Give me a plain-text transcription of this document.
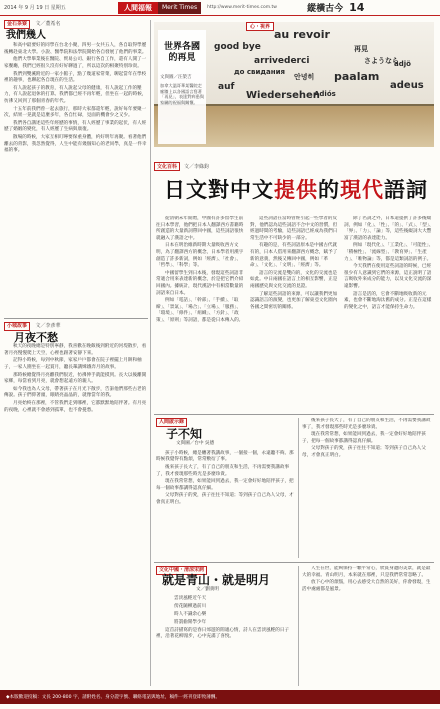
2014 年 9 月 19 日 星期五	人間福報	Merit Times	http://www.merit-times.com.tw	縱橫古今 14
金石茶寮 文／董希名
我們幾人

和高中最要好的同學在台北小聚，四男一女共五人，各自取得學歷後轉赴東北大學。小說、醫學院和法學院開始各自發展了他們的事業。

他們大學畢業後在醫院、貿易公司、銀行各自工作，還有人開了一家餐廳，我們已經很久沒有好好聊過了，所以這次的相聚特別珍貴。

我們到雙溪附近的一家小館子，點了幾道家常菜，聊起當年在學校裡的趣事，也聊起各自現在的生活。

有人說起孩子的教育，有人說起父母的健康，有人說起工作的壓力，有人說起退休的打算。我們都已經不再年輕，但坐在一起的時候，彷彿又回到了那個青春的年代。

十五年前我們曾一起去旅行，那時大家都還年輕，說好每年要聚一次，結果一晃就是這麼多年，各自忙碌，見面的機會少之又少。

我們各自講述這些年經歷的事情，有人經歷了事業的起伏，有人經歷了婚姻的變化，有人經歷了生病與康復。

散場的時候，大家互相叮嚀要保重身體，約好明年再聚。看著他們離去的背影，我忽然覺得，人生中能有幾個知心的老同學，真是一件幸福的事。

小城故事 文／李彥華
月夜不愁

秋天的夜晚總是特別寧靜，我喜歡在晚飯後到附近的河堤散步，看著月亮慢慢爬上天空，心裡也跟著安靜下來。

記得小時候，每到中秋節，家家戶戶都會在院子裡擺上月餅和柚子，一家人圍坐在一起賞月，聽長輩講嫦娥奔月的故事。

那時候總覺得月亮離我們很近，彷彿伸手就能摸到。長大以後離開家鄉，每當看到月亮，就會想起遠方的親人。

如今我也為人父母，帶著孩子在月光下散步，告訴他們那些古老的傳說。孩子們仰著頭，眼睛亮晶晶的，就像當年的我。

月亮始終在那裡，不管我們走到哪裡，它都默默地陪伴著。有月亮的夜晚，心裡就不會感到孤單，也不會憂愁。

au revoir
arrivederci
paalam
adeus
good bye
auf
Wiedersehen
再見
さようなら
안녕히
до свидания
Adiós
adjö
心・視界
世界各國
的再見
文與圖／汪榮吉
加拿大溫哥華某醫院走廊牆上以各國語言寫著「再見」，表達對病患與家屬的祝福與關懷。
文化百科	文／李綠鈞
日文對中文提供的現代語詞

從清朝末年開始，中國有許多留學生前往日本學習，他們把日本人翻譯西方書籍時所創造的大量新詞帶回中國，這些詞語很快就融入了漢語之中。

日本在明治維新時期大量吸收西方文明，為了翻譯西方的概念，日本學者用漢字創造了許多新詞，例如「經濟」、「社會」、「哲學」、「科學」等。

中國留學生到日本後，發現這些詞語非常適合用來表達新的概念，於是把它們介紹回國內。據統計，現代漢語中有相當數量的詞語來自日本。

例如「電話」、「幹部」、「手續」、「取締」、「景氣」、「場合」、「立場」、「服務」、「環境」、「條件」、「組織」、「方針」、「政策」、「原則」等詞語，都是從日本傳入的。

這些詞語在當時曾經引起一些學者的反對，他們認為這些詞語不合中文的習慣，但經過時間的考驗，這些詞語已經成為我們日常生活中不可缺少的一部分。

有趣的是，有些詞語原本是中國古代就有的，日本人借用來翻譯西方概念，賦予了新的意義，然後又傳回中國，例如「革命」、「文化」、「文明」、「經濟」等。

語言的交流是雙向的，文化的交流也是如此。中日兩國在語言上的相互影響，正是兩國歷史與文化交流的見證。

了解這些詞語的來源，可以讓我們更加認識語言的演變，也更加了解東亞文化圈內各國之間密切的關係。

除了名詞之外，日本還提供了許多後綴詞，例如「化」、「性」、「的」、「式」、「型」、「界」、「力」、「論」等，這些後綴詞大大豐富了漢語的表達能力。

例如「現代化」、「工業化」、「可能性」、「積極性」、「流線型」、「教育界」、「生產力」、「唯物論」等，都是這類詞語的例子。

今天我們在使用這些詞語的時候，已經很少有人意識到它們的來源，這正說明了語言吸收外來成分的能力，以及文化交流的深遠影響。

語言是活的，它會不斷地吸收新的元素，也會不斷地淘汰舊的成分。正是在這樣的變化之中，語言才能保持生命力。

人間啟示錄
子不知
文與圖／台中 吳德

孩子小時候，總是纏著我講故事，一個接一個，永遠聽不夠。那時候我覺得有點煩，常常敷衍了事。

後來孩子長大了，有了自己的朋友和生活，不再需要我講故事了，我才發現那些時光是多麼珍貴。

現在我常常想，如果能回到過去，我一定會好好地陪伴孩子，把每一個故事都講得認真仔細。

父母對孩子的愛，孩子往往不知道；等到孩子自己為人父母，才會真正明白。

後來孩子長大了，有了自己的朋友和生活，不再需要我講故事了，我才發現那些時光是多麼珍貴。

現在我常常想，如果能回到過去，我一定會好好地陪伴孩子，把每一個故事都講得認真仔細。

父母對孩子的愛，孩子往往不知道；等到孩子自己為人父母，才會真正明白。

文化中國・清涼宋詞
就是青山・就是明月
文／劉義明
雲淡風輕近午天
傍花隨柳過前川
時人不識余心樂
將謂偷閒學少年

這首詩描寫的是春日郊遊的閒適心情，詩人在雲淡風輕的日子裡，沿著花柳漫步，心中充滿了喜悅。

人生在世，能夠保持一顆平常心，欣賞身邊的美景，就是最大的幸福。青山明月，本來就在那裡，只是我們常常忽略了。

放下心中的煩惱，用心去感受大自然的美好，你會發現，生活中處處都是風景。

◆本版歡迎投稿：文長 200-800 字，請附姓名、身分證字號、聯絡電話與地址，稿件一經刊登即致薄酬。
